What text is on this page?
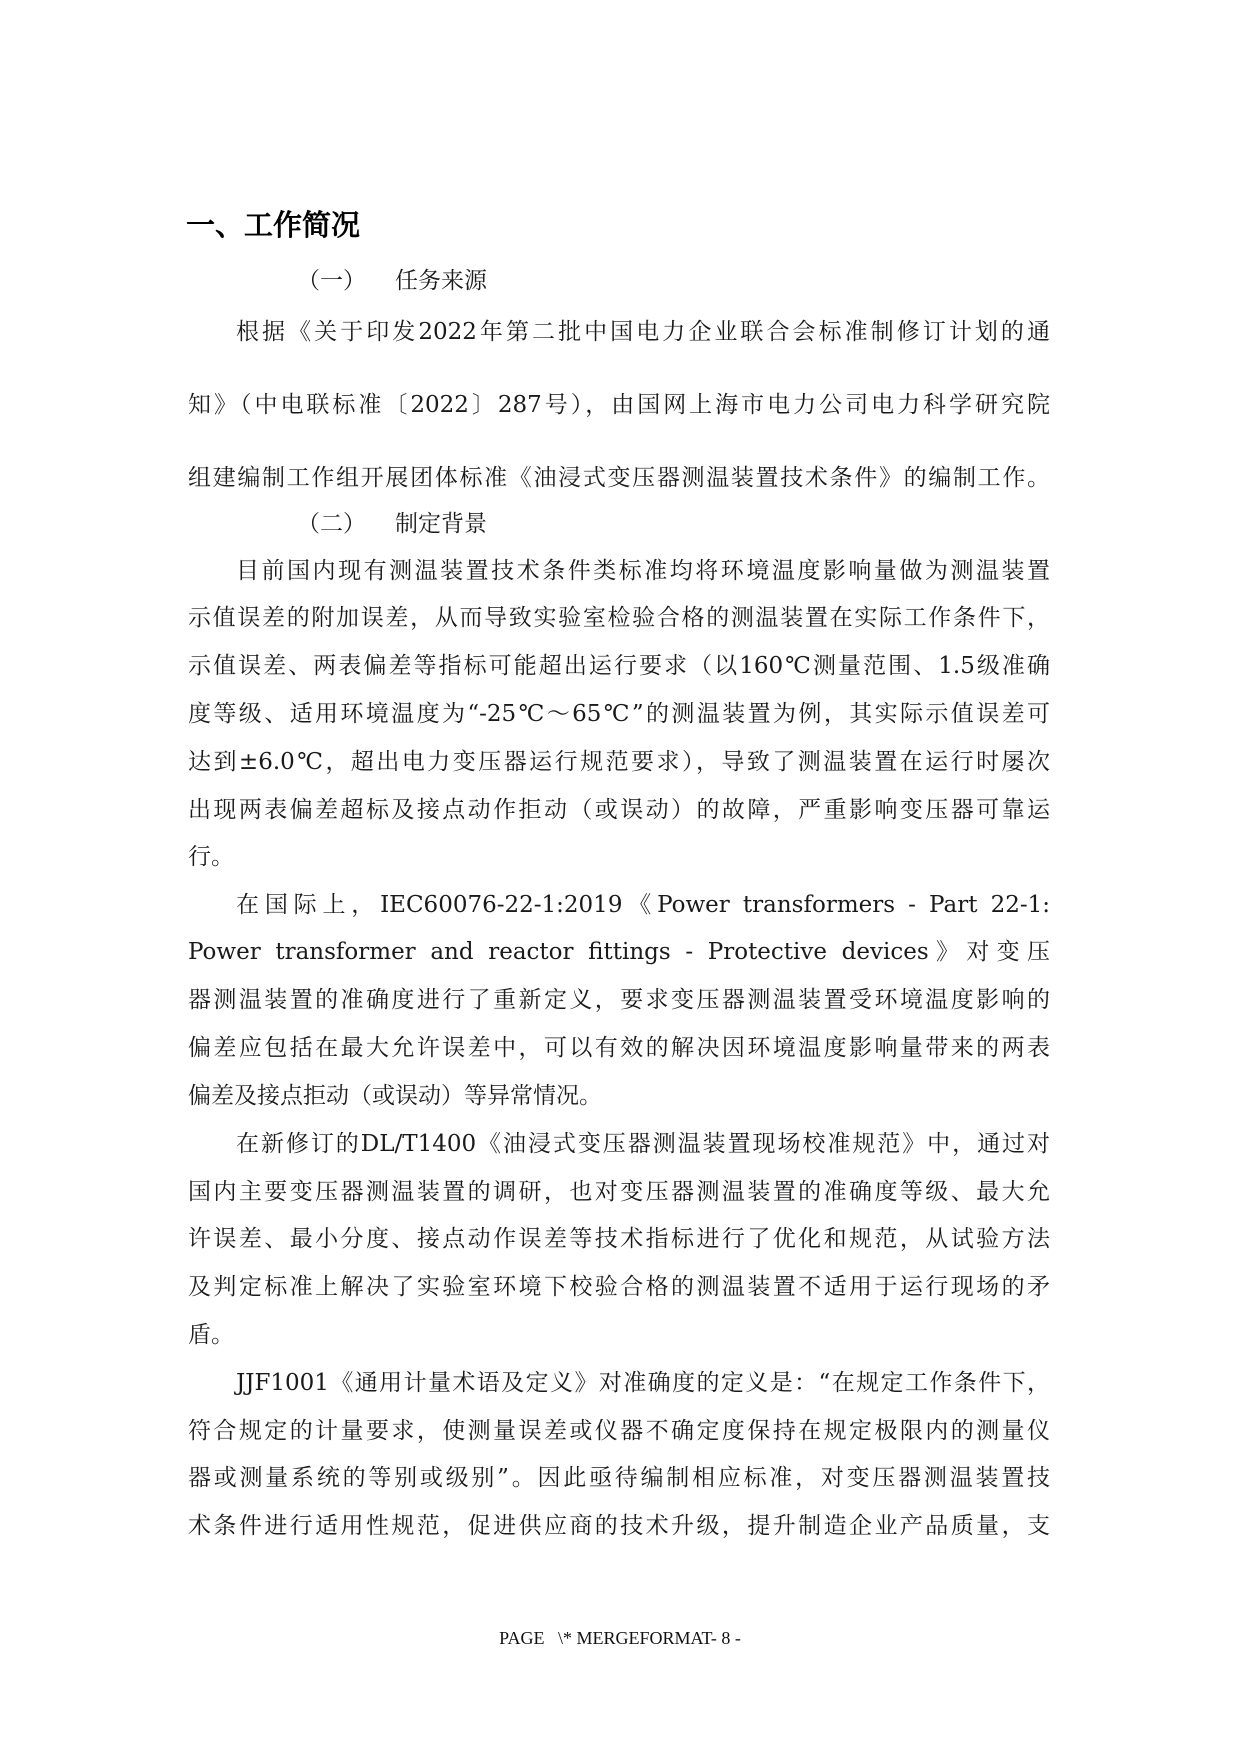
一、工作简况
（一） 任务来源
根据《关于印发2022年第二批中国电力企业联合会标准制修订计划的通
知》（中电联标准〔2022〕287号），由国网上海市电力公司电力科学研究院
组建编制工作组开展团体标准《油浸式变压器测温装置技术条件》的编制工作。
（二） 制定背景
目前国内现有测温装置技术条件类标准均将环境温度影响量做为测温装置
示值误差的附加误差，从而导致实验室检验合格的测温装置在实际工作条件下，
示值误差、两表偏差等指标可能超出运行要求（以160℃测量范围、1.5级准确
度等级、适用环境温度为“-25℃～65℃”的测温装置为例，其实际示值误差可
达到±6.0℃，超出电力变压器运行规范要求），导致了测温装置在运行时屡次
出现两表偏差超标及接点动作拒动（或误动）的故障，严重影响变压器可靠运
行。
在国际上，IEC60076-22-1:2019《Power transformers - Part 22-1:
Power transformer and reactor fittings - Protective devices》对变压
器测温装置的准确度进行了重新定义，要求变压器测温装置受环境温度影响的
偏差应包括在最大允许误差中，可以有效的解决因环境温度影响量带来的两表
偏差及接点拒动（或误动）等异常情况。
在新修订的DL/T1400《油浸式变压器测温装置现场校准规范》中，通过对
国内主要变压器测温装置的调研，也对变压器测温装置的准确度等级、最大允
许误差、最小分度、接点动作误差等技术指标进行了优化和规范，从试验方法
及判定标准上解决了实验室环境下校验合格的测温装置不适用于运行现场的矛
盾。
JJF1001《通用计量术语及定义》对准确度的定义是：“在规定工作条件下，
符合规定的计量要求，使测量误差或仪器不确定度保持在规定极限内的测量仪
器或测量系统的等别或级别”。因此亟待编制相应标准，对变压器测温装置技
术条件进行适用性规范，促进供应商的技术升级，提升制造企业产品质量，支
PAGE   \* MERGEFORMAT- 8 -
